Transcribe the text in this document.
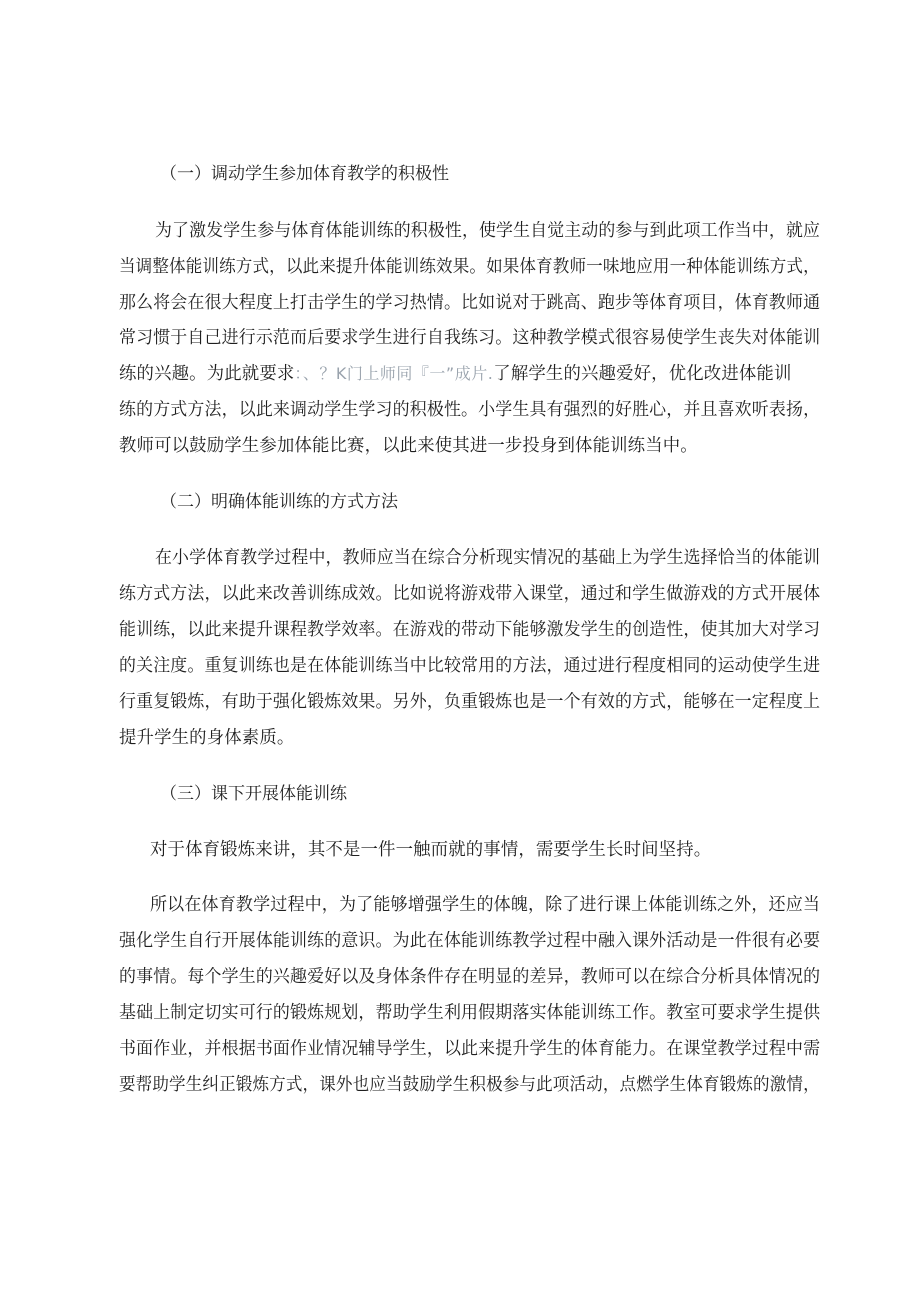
（一）调动学生参加体育教学的积极性
为了激发学生参与体育体能训练的积极性，使学生自觉主动的参与到此项工作当中，就应
当调整体能训练方式，以此来提升体能训练效果。如果体育教师一味地应用一种体能训练方式，
那么将会在很大程度上打击学生的学习热情。比如说对于跳高、跑步等体育项目，体育教师通
常习惯于自己进行示范而后要求学生进行自我练习。这种教学模式很容易使学生丧失对体能训
练的兴趣。为此就要求：、？K门上师同『一”成片.了解学生的兴趣爱好，优化改进体能训
练的方式方法，以此来调动学生学习的积极性。小学生具有强烈的好胜心，并且喜欢听表扬，
教师可以鼓励学生参加体能比赛，以此来使其进一步投身到体能训练当中。
（二）明确体能训练的方式方法
在小学体育教学过程中，教师应当在综合分析现实情况的基础上为学生选择恰当的体能训
练方式方法，以此来改善训练成效。比如说将游戏带入课堂，通过和学生做游戏的方式开展体
能训练，以此来提升课程教学效率。在游戏的带动下能够激发学生的创造性，使其加大对学习
的关注度。重复训练也是在体能训练当中比较常用的方法，通过进行程度相同的运动使学生进
行重复锻炼，有助于强化锻炼效果。另外，负重锻炼也是一个有效的方式，能够在一定程度上
提升学生的身体素质。
（三）课下开展体能训练
对于体育锻炼来讲，其不是一件一触而就的事情，需要学生长时间坚持。
所以在体育教学过程中，为了能够增强学生的体魄，除了进行课上体能训练之外，还应当
强化学生自行开展体能训练的意识。为此在体能训练教学过程中融入课外活动是一件很有必要
的事情。每个学生的兴趣爱好以及身体条件存在明显的差异，教师可以在综合分析具体情况的
基础上制定切实可行的锻炼规划，帮助学生利用假期落实体能训练工作。教室可要求学生提供
书面作业，并根据书面作业情况辅导学生，以此来提升学生的体育能力。在课堂教学过程中需
要帮助学生纠正锻炼方式，课外也应当鼓励学生积极参与此项活动，点燃学生体育锻炼的激情，
